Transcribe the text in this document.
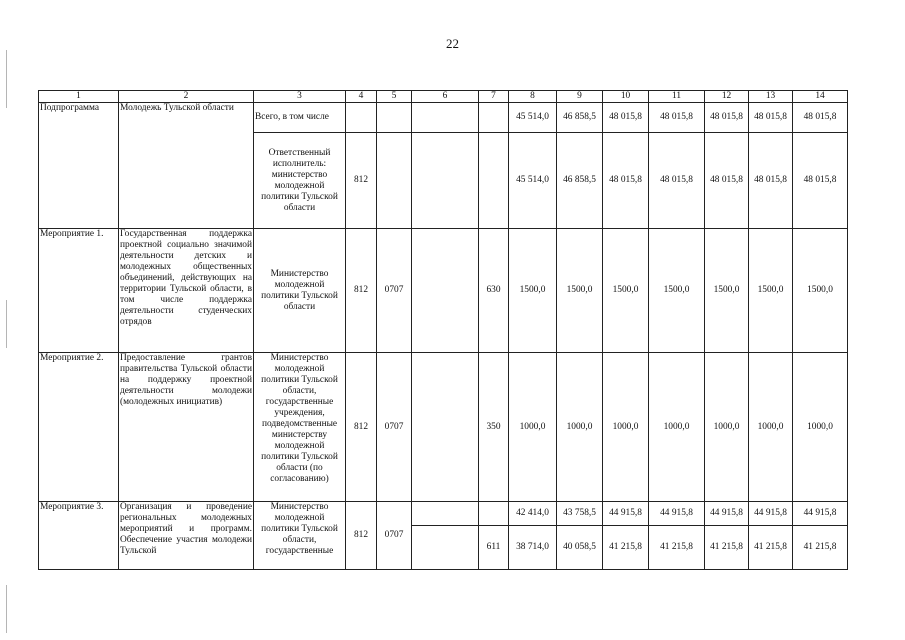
22
1	2	3	4	5	6	7	8	9	10	11	12	13	14
Подпрограмма	Молодежь Тульской области	Всего, в том числе					45 514,0	46 858,5	48 015,8	48 015,8	48 015,8	48 015,8	48 015,8
		Ответственный исполнитель: министерство молодежной политики Тульской области	812				45 514,0	46 858,5	48 015,8	48 015,8	48 015,8	48 015,8	48 015,8
Мероприятие 1.	Государственная поддержка проектной социально значимой деятельности детских и молодежных общественных объединений, действующих на территории Тульской области, в том числе поддержка деятельности студенческих отрядов	Министерство молодежной политики Тульской области	812	0707		630	1500,0	1500,0	1500,0	1500,0	1500,0	1500,0	1500,0
Мероприятие 2.	Предоставление грантов правительства Тульской области на поддержку проектной деятельности молодежи (молодежных инициатив)	Министерство молодежной политики Тульской области, государственные учреждения, подведомственные министерству молодежной политики Тульской области (по согласованию)	812	0707		350	1000,0	1000,0	1000,0	1000,0	1000,0	1000,0	1000,0
Мероприятие 3.	Организация и проведение региональных молодежных мероприятий и программ. Обеспечение участия молодежи Тульской	Министерство молодежной политики Тульской области, государственные	812	0707			42 414,0	43 758,5	44 915,8	44 915,8	44 915,8	44 915,8	44 915,8
						611	38 714,0	40 058,5	41 215,8	41 215,8	41 215,8	41 215,8	41 215,8
